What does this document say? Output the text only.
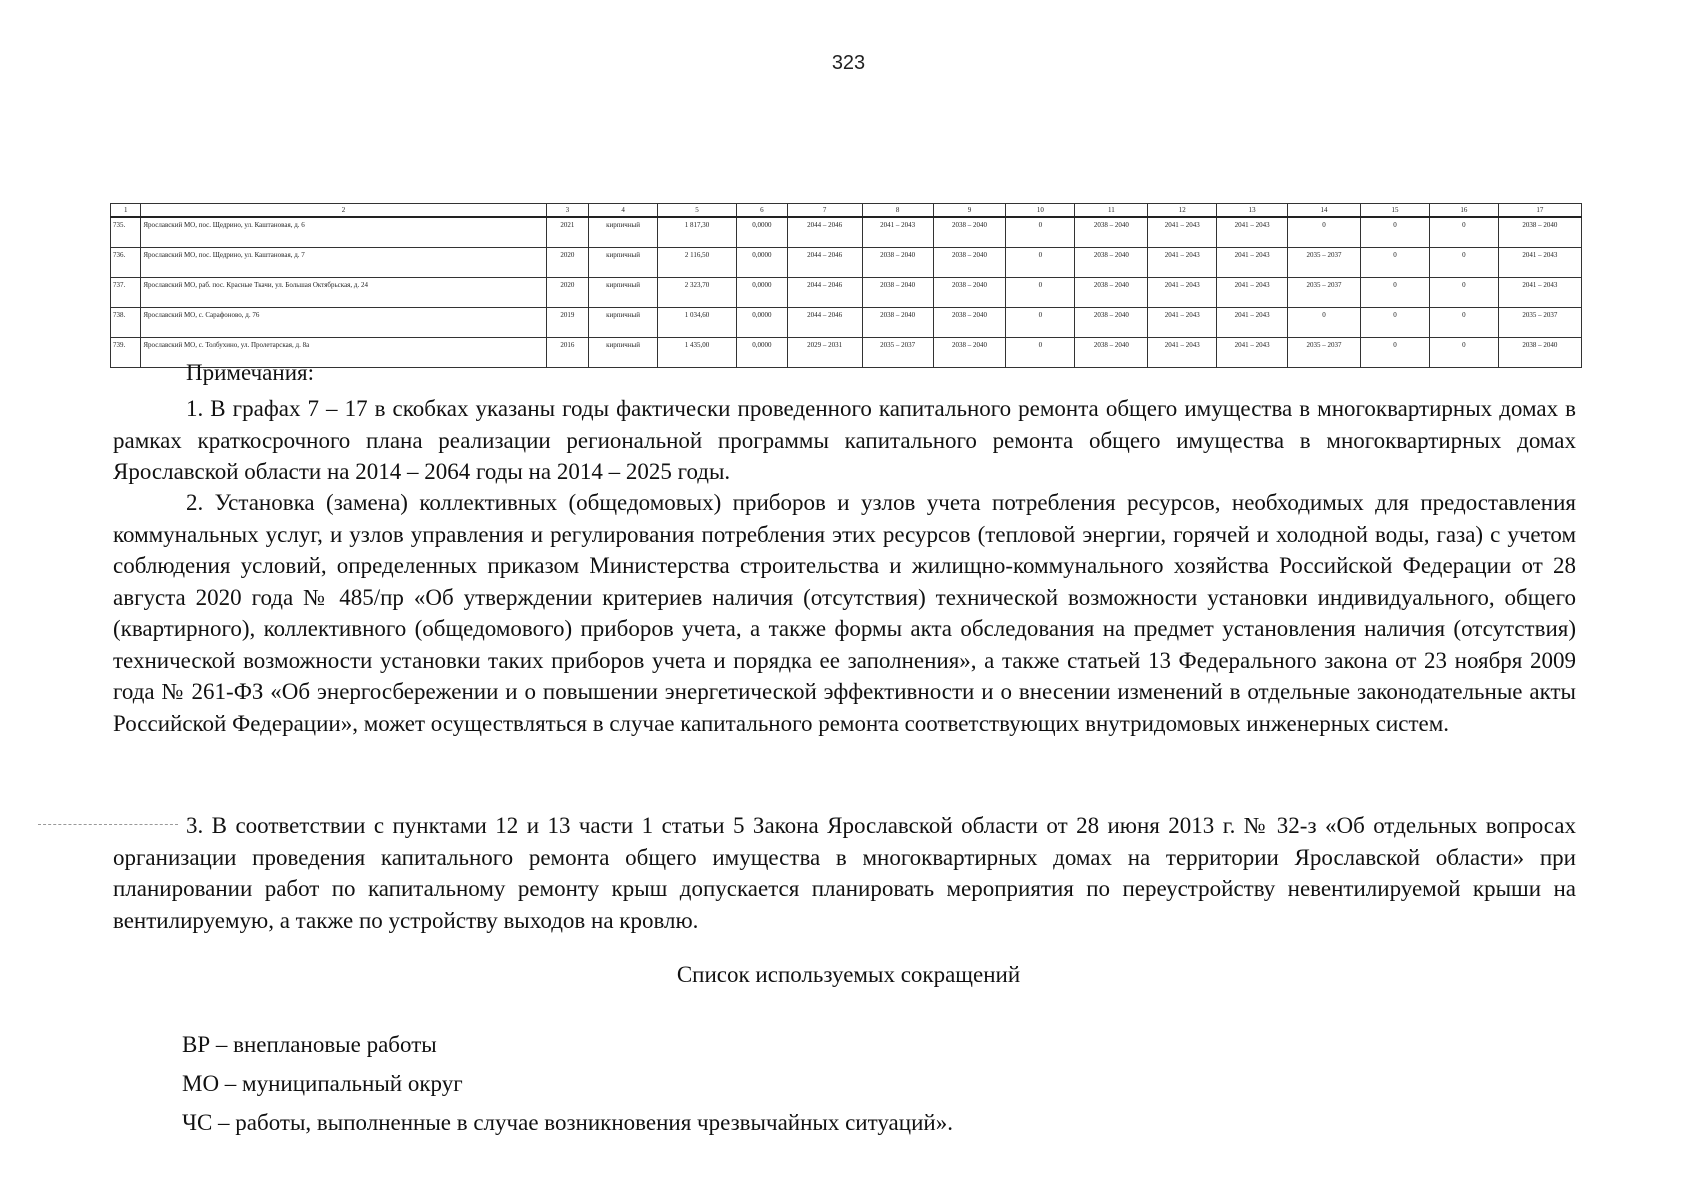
323
1	2	3	4	5	6	7	8	9	10	11	12	13	14	15	16	17
735.	Ярославский МО, пос. Щедрино, ул. Каштановая, д. 6	2021	кирпичный	1 817,30	0,0000	2044 – 2046	2041 – 2043	2038 – 2040	0	2038 – 2040	2041 – 2043	2041 – 2043	0	0	0	2038 – 2040
736.	Ярославский МО, пос. Щедрино, ул. Каштановая, д. 7	2020	кирпичный	2 116,50	0,0000	2044 – 2046	2038 – 2040	2038 – 2040	0	2038 – 2040	2041 – 2043	2041 – 2043	2035 – 2037	0	0	2041 – 2043
737.	Ярославский МО, раб. пос. Красные Ткачи, ул. Большая Октябрьская, д. 24	2020	кирпичный	2 323,70	0,0000	2044 – 2046	2038 – 2040	2038 – 2040	0	2038 – 2040	2041 – 2043	2041 – 2043	2035 – 2037	0	0	2041 – 2043
738.	Ярославский МО, с. Сарафоново, д. 76	2019	кирпичный	1 034,60	0,0000	2044 – 2046	2038 – 2040	2038 – 2040	0	2038 – 2040	2041 – 2043	2041 – 2043	0	0	0	2035 – 2037
739.	Ярославский МО, с. Толбухино, ул. Пролетарская, д. 8а	2016	кирпичный	1 435,00	0,0000	2029 – 2031	2035 – 2037	2038 – 2040	0	2038 – 2040	2041 – 2043	2041 – 2043	2035 – 2037	0	0	2038 – 2040
Примечания:

1. В графах 7 – 17 в скобках указаны годы фактически проведенного капитального ремонта общего имущества в многоквартирных домах в рамках краткосрочного плана реализации региональной программы капитального ремонта общего имущества в многоквартирных домах Ярославской области на 2014 – 2064 годы на 2014 – 2025 годы.

2. Установка (замена) коллективных (общедомовых) приборов и узлов учета потребления ресурсов, необходимых для предоставления коммунальных услуг, и узлов управления и регулирования потребления этих ресурсов (тепловой энергии, горячей и холодной воды, газа) с учетом соблюдения условий, определенных приказом Министерства строительства и жилищно-коммунального хозяйства Российской Федерации от 28 августа 2020 года № 485/пр «Об утверждении критериев наличия (отсутствия) технической возможности установки индивидуального, общего (квартирного), коллективного (общедомового) приборов учета, а также формы акта обследования на предмет установления наличия (отсутствия) технической возможности установки таких приборов учета и порядка ее заполнения», а также статьей 13 Федерального закона от 23 ноября 2009 года № 261-ФЗ «Об энергосбережении и о повышении энергетической эффективности и о внесении изменений в отдельные законодательные акты Российской Федерации», может осуществляться в случае капитального ремонта соответствующих внутридомовых инженерных систем.

3. В соответствии с пунктами 12 и 13 части 1 статьи 5 Закона Ярославской области от 28 июня 2013 г. № 32-з «Об отдельных вопросах организации проведения капитального ремонта общего имущества в многоквартирных домах на территории Ярославской области» при планировании работ по капитальному ремонту крыш допускается планировать мероприятия по переустройству невентилируемой крыши на вентилируемую, а также по устройству выходов на кровлю.

Список используемых сокращений
ВР – внеплановые работы
МО – муниципальный округ
ЧС – работы, выполненные в случае возникновения чрезвычайных ситуаций».
